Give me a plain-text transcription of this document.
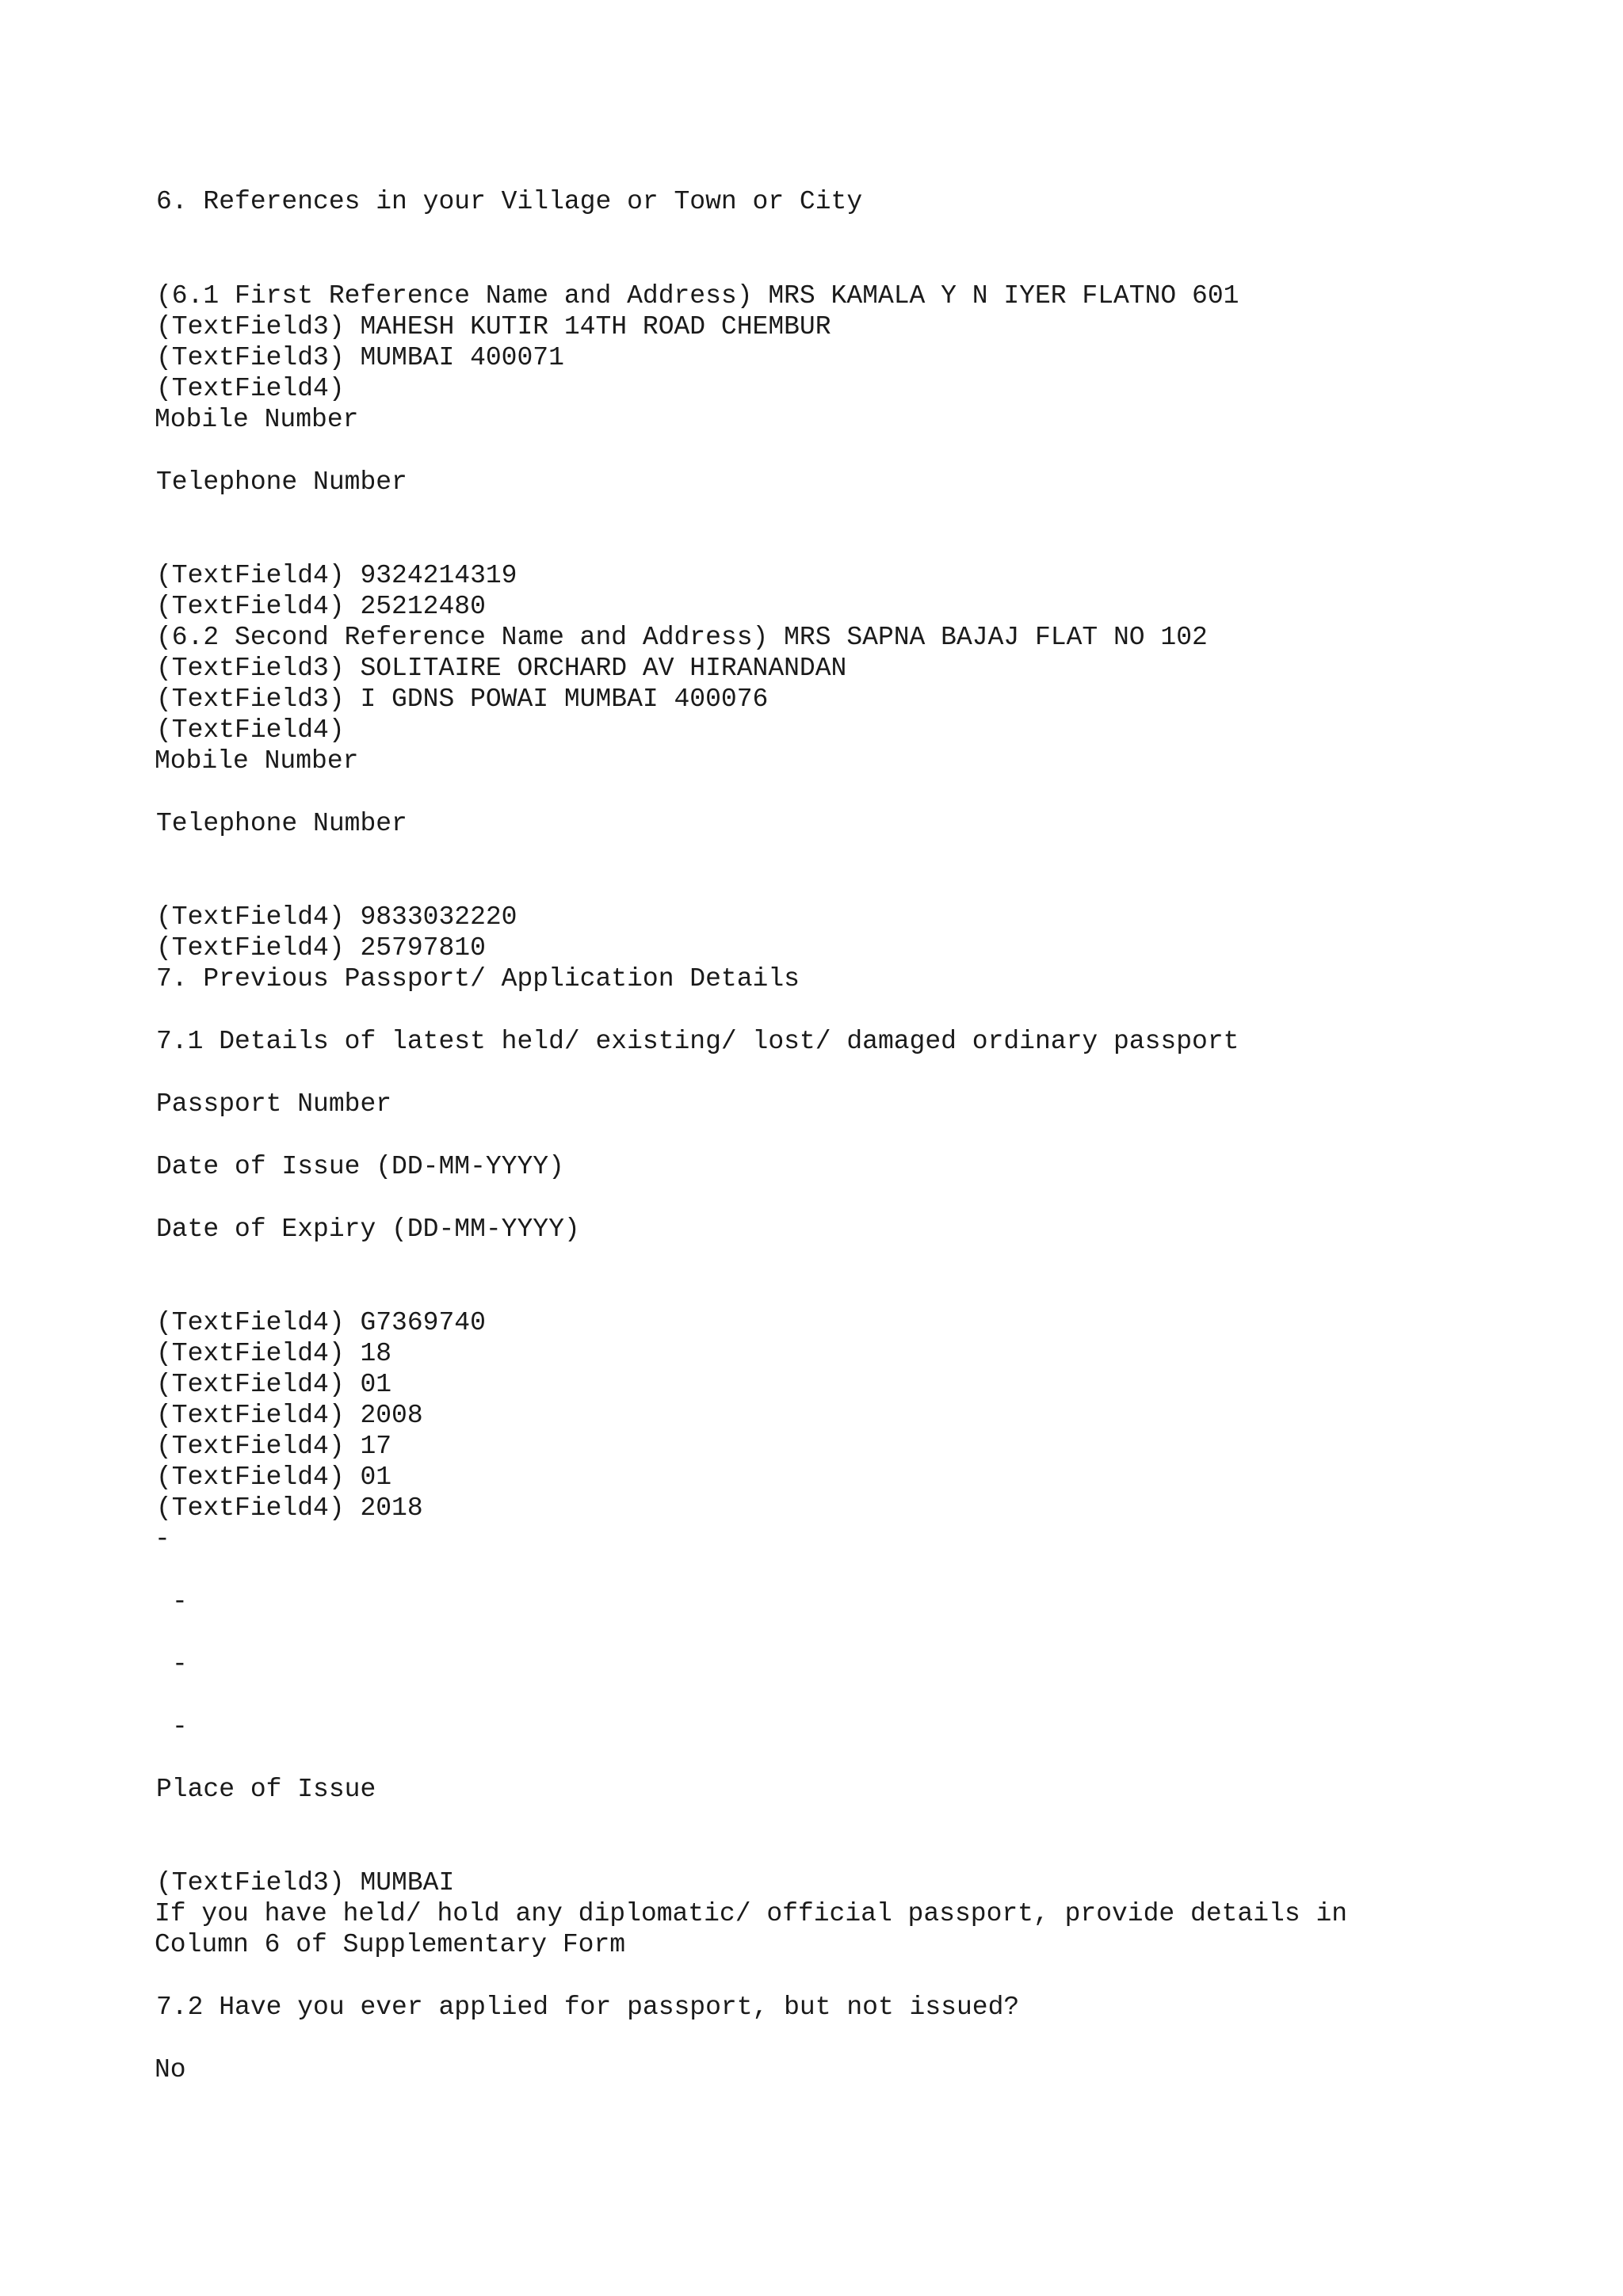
6. References in your Village or Town or City

(6.1 First Reference Name and Address) MRS KAMALA Y N IYER FLATNO 601

(TextField3) MAHESH KUTIR 14TH ROAD CHEMBUR

(TextField3) MUMBAI 400071

(TextField4)

Mobile Number

Telephone Number

(TextField4) 9324214319

(TextField4) 25212480

(6.2 Second Reference Name and Address) MRS SAPNA BAJAJ FLAT NO 102

(TextField3) SOLITAIRE ORCHARD AV HIRANANDAN

(TextField3) I GDNS POWAI MUMBAI 400076

(TextField4)

Mobile Number

Telephone Number

(TextField4) 9833032220

(TextField4) 25797810

7. Previous Passport/ Application Details

7.1 Details of latest held/ existing/ lost/ damaged ordinary passport

Passport Number

Date of Issue (DD-MM-YYYY)

Date of Expiry (DD-MM-YYYY)

(TextField4) G7369740

(TextField4) 18

(TextField4) 01

(TextField4) 2008

(TextField4) 17

(TextField4) 01

(TextField4) 2018

-

-

-

-

Place of Issue

(TextField3) MUMBAI

If you have held/ hold any diplomatic/ official passport, provide details in

Column 6 of Supplementary Form

7.2 Have you ever applied for passport, but not issued?

No
